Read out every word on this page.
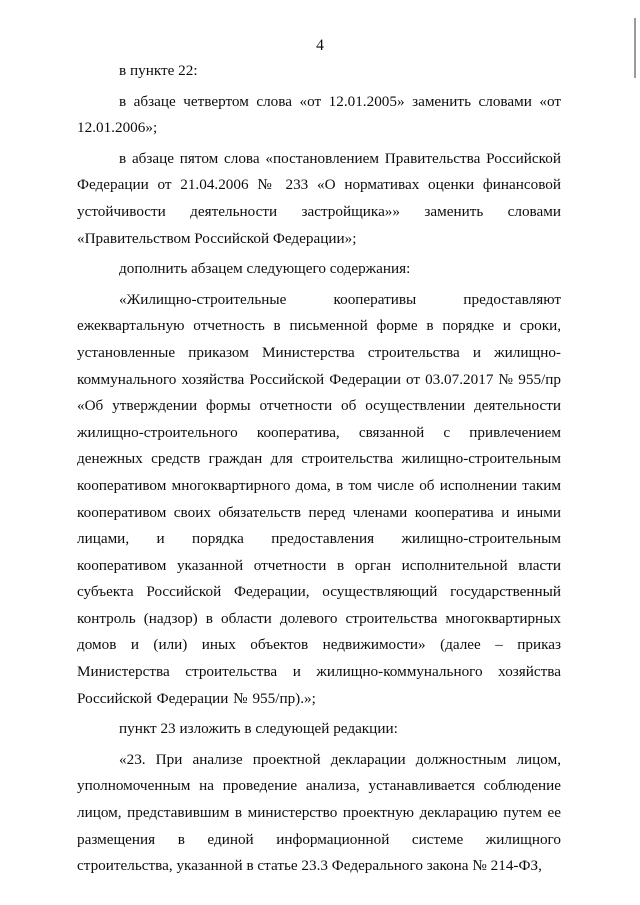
4

в пункте 22:

в абзаце четвертом слова «от 12.01.2005» заменить словами «от 12.01.2006»;

в абзаце пятом слова «постановлением Правительства Российской Федерации от 21.04.2006 № 233 «О нормативах оценки финансовой устойчивости деятельности застройщика»» заменить словами «Правительством Российской Федерации»;

дополнить абзацем следующего содержания:

«Жилищно-строительные кооперативы предоставляют ежеквартальную отчетность в письменной форме в порядке и сроки, установленные приказом Министерства строительства и жилищно-коммунального хозяйства Российской Федерации от 03.07.2017 № 955/пр «Об утверждении формы отчетности об осуществлении деятельности жилищно-строительного кооператива, связанной с привлечением денежных средств граждан для строительства жилищно-строительным кооперативом многоквартирного дома, в том числе об исполнении таким кооперативом своих обязательств перед членами кооператива и иными лицами, и порядка предоставления жилищно-строительным кооперативом указанной отчетности в орган исполнительной власти субъекта Российской Федерации, осуществляющий государственный контроль (надзор) в области долевого строительства многоквартирных домов и (или) иных объектов недвижимости» (далее – приказ Министерства строительства и жилищно-коммунального хозяйства Российской Федерации № 955/пр).»;

пункт 23 изложить в следующей редакции:

«23. При анализе проектной декларации должностным лицом, уполномоченным на проведение анализа, устанавливается соблюдение лицом, представившим в министерство проектную декларацию путем ее размещения в единой информационной системе жилищного строительства, указанной в статье 23.3 Федерального закона № 214-ФЗ,
